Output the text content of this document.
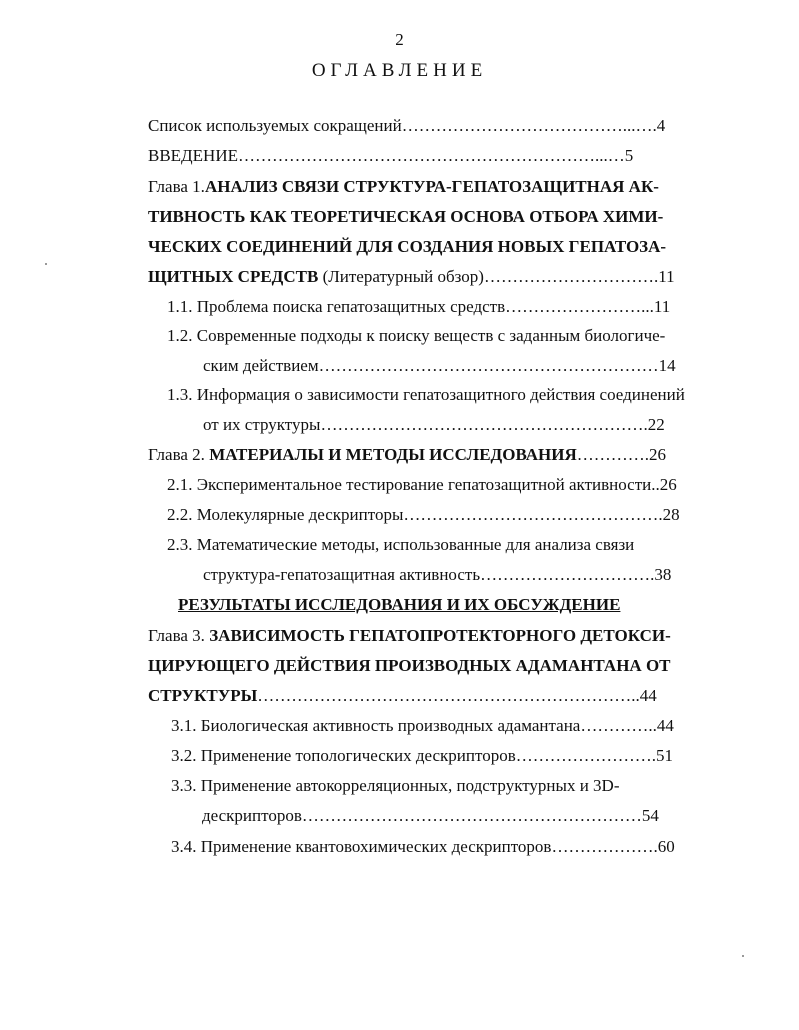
2
ОГЛАВЛЕНИЕ
Список используемых сокращений…………………………………...….4
ВВЕДЕНИЕ………………………………………………………...…5
Глава 1.АНАЛИЗ СВЯЗИ СТРУКТУРА-ГЕПАТОЗАЩИТНАЯ АК-
ТИВНОСТЬ КАК ТЕОРЕТИЧЕСКАЯ ОСНОВА ОТБОРА ХИМИ-
ЧЕСКИХ СОЕДИНЕНИЙ ДЛЯ СОЗДАНИЯ НОВЫХ ГЕПАТОЗА-
ЩИТНЫХ СРЕДСТВ (Литературный обзор)………………………….11
1.1. Проблема поиска гепатозащитных средств……………………...11
1.2. Современные подходы к поиску веществ с заданным биологиче-
ским действием……………………………………………………14
1.3. Информация о зависимости гепатозащитного действия соединений
от их структуры………………………………………………….22
Глава 2. МАТЕРИАЛЫ И МЕТОДЫ ИССЛЕДОВАНИЯ………….26
2.1. Экспериментальное тестирование гепатозащитной активности..26
2.2. Молекулярные дескрипторы……………………………………….28
2.3. Математические методы, использованные для анализа связи
структура-гепатозащитная активность………………………….38
РЕЗУЛЬТАТЫ ИССЛЕДОВАНИЯ И ИХ ОБСУЖДЕНИЕ
Глава 3. ЗАВИСИМОСТЬ ГЕПАТОПРОТЕКТОРНОГО ДЕТОКСИ-
ЦИРУЮЩЕГО ДЕЙСТВИЯ ПРОИЗВОДНЫХ АДАМАНТАНА ОТ
СТРУКТУРЫ…………………………………………………………..44
3.1. Биологическая активность производных адамантана…………..44
3.2. Применение топологических дескрипторов…………………….51
3.3. Применение автокорреляционных, подструктурных и 3D-
дескрипторов……………………………………………………54
3.4. Применение квантовохимических дескрипторов……………….60
